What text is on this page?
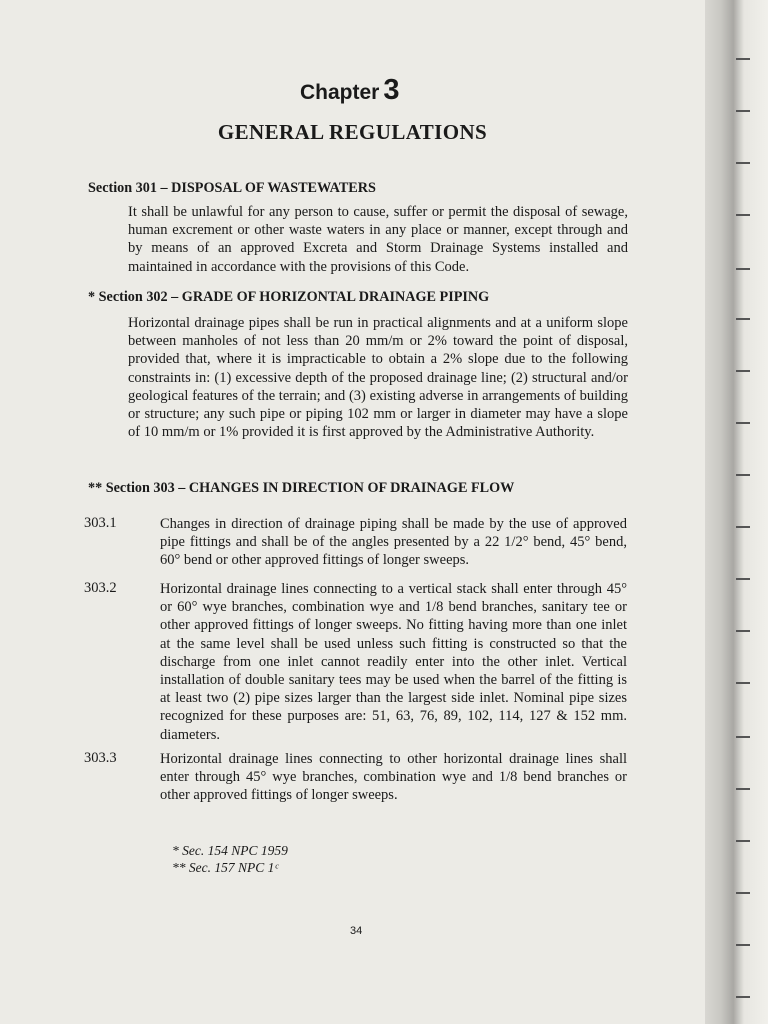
Chapter 3
GENERAL REGULATIONS
Section 301 – DISPOSAL OF WASTEWATERS
It shall be unlawful for any person to cause, suffer or permit the disposal of sewage, human excrement or other waste waters in any place or manner, except through and by means of an approved Excreta and Storm Drainage Systems installed and maintained in accordance with the provisions of this Code.
* Section 302 – GRADE OF HORIZONTAL DRAINAGE PIPING
Horizontal drainage pipes shall be run in practical alignments and at a uniform slope between manholes of not less than 20 mm/m or 2% toward the point of disposal, provided that, where it is impracticable to obtain a 2% slope due to the following constraints in: (1) excessive depth of the proposed drainage line; (2) structural and/or geological features of the terrain; and (3) existing adverse in arrangements of building or structure; any such pipe or piping 102 mm or larger in diameter may have a slope of 10 mm/m or 1% provided it is first approved by the Administrative Authority.
** Section 303 – CHANGES IN DIRECTION OF DRAINAGE FLOW
303.1	Changes in direction of drainage piping shall be made by the use of approved pipe fittings and shall be of the angles presented by a 22 1/2° bend, 45° bend, 60° bend or other approved fittings of longer sweeps.
303.2	Horizontal drainage lines connecting to a vertical stack shall enter through 45° or 60° wye branches, combination wye and 1/8 bend branches, sanitary tee or other approved fittings of longer sweeps. No fitting having more than one inlet at the same level shall be used unless such fitting is constructed so that the discharge from one inlet cannot readily enter into the other inlet. Vertical installation of double sanitary tees may be used when the barrel of the fitting is at least two (2) pipe sizes larger than the largest side inlet. Nominal pipe sizes recognized for these purposes are: 51, 63, 76, 89, 102, 114, 127 & 152 mm. diameters.
303.3	Horizontal drainage lines connecting to other horizontal drainage lines shall enter through 45° wye branches, combination wye and 1/8 bend branches or other approved fittings of longer sweeps.
* Sec. 154 NPC 1959
** Sec. 157 NPC 1ᶜ
34
